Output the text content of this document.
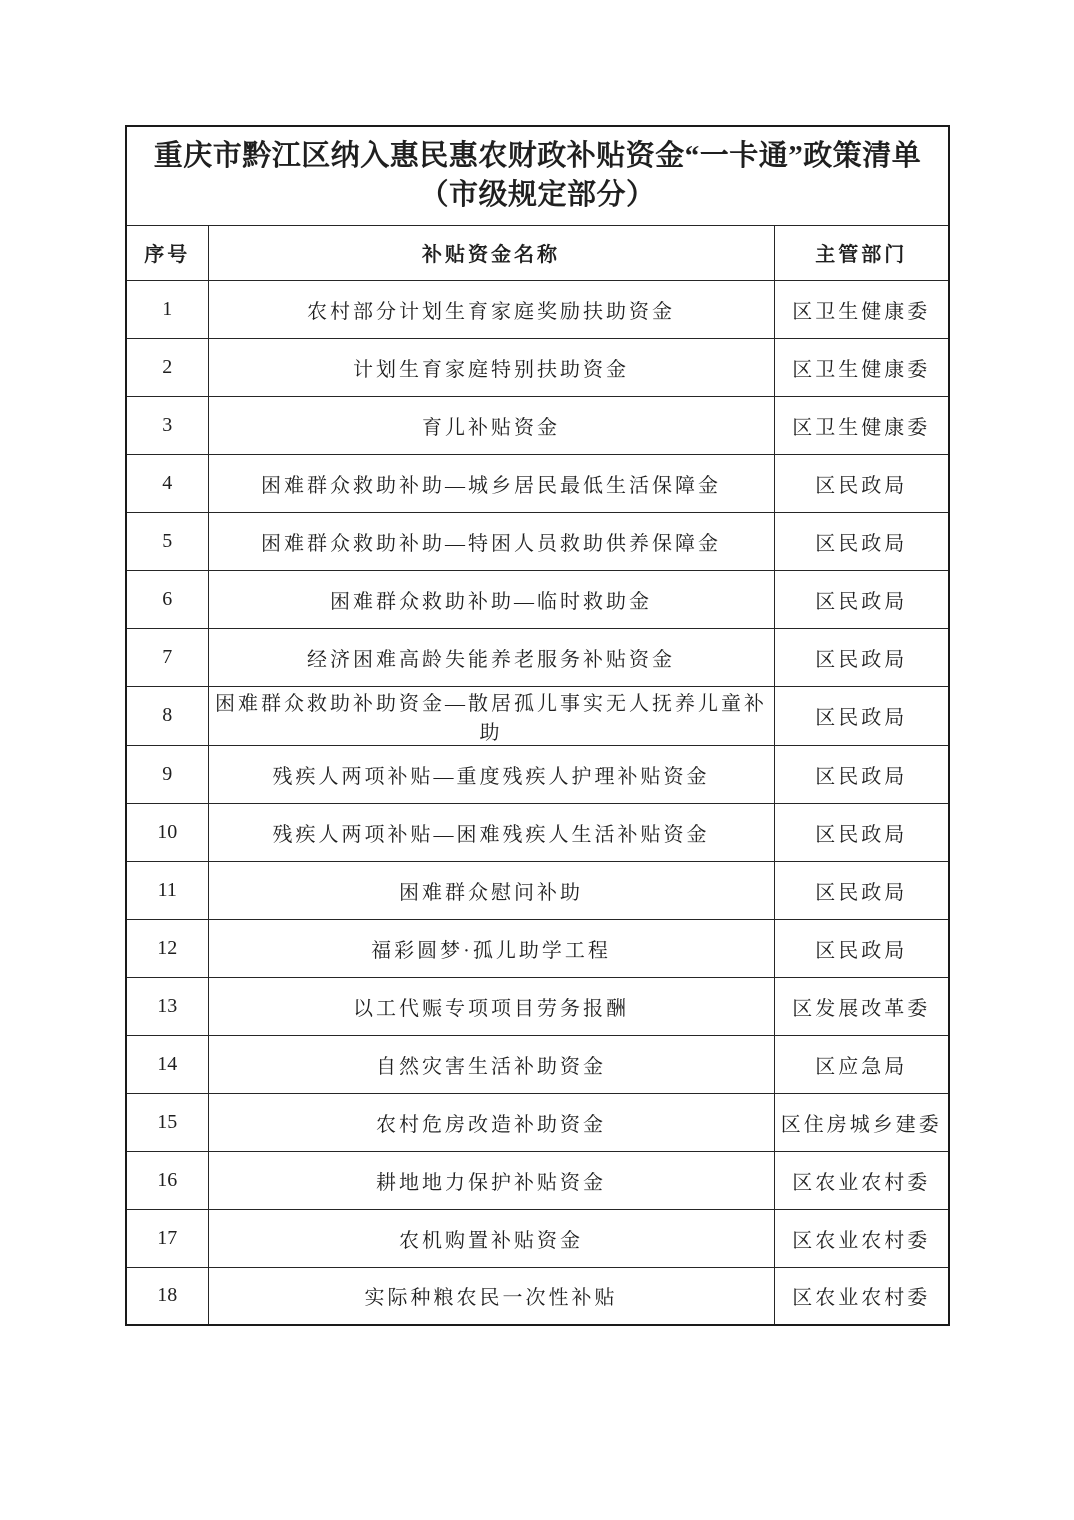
重庆市黔江区纳入惠民惠农财政补贴资金“一卡通”政策清单
（市级规定部分）		

序号	补贴资金名称	主管部门
1	农村部分计划生育家庭奖励扶助资金	区卫生健康委
2	计划生育家庭特别扶助资金	区卫生健康委
3	育儿补贴资金	区卫生健康委
4	困难群众救助补助—城乡居民最低生活保障金	区民政局
5	困难群众救助补助—特困人员救助供养保障金	区民政局
6	困难群众救助补助—临时救助金	区民政局
7	经济困难高龄失能养老服务补贴资金	区民政局
8	困难群众救助补助资金—散居孤儿事实无人抚养儿童补助	区民政局
9	残疾人两项补贴—重度残疾人护理补贴资金	区民政局
10	残疾人两项补贴—困难残疾人生活补贴资金	区民政局
11	困难群众慰问补助	区民政局
12	福彩圆梦·孤儿助学工程	区民政局
13	以工代赈专项项目劳务报酬	区发展改革委
14	自然灾害生活补助资金	区应急局
15	农村危房改造补助资金	区住房城乡建委
16	耕地地力保护补贴资金	区农业农村委
17	农机购置补贴资金	区农业农村委
18	实际种粮农民一次性补贴	区农业农村委
